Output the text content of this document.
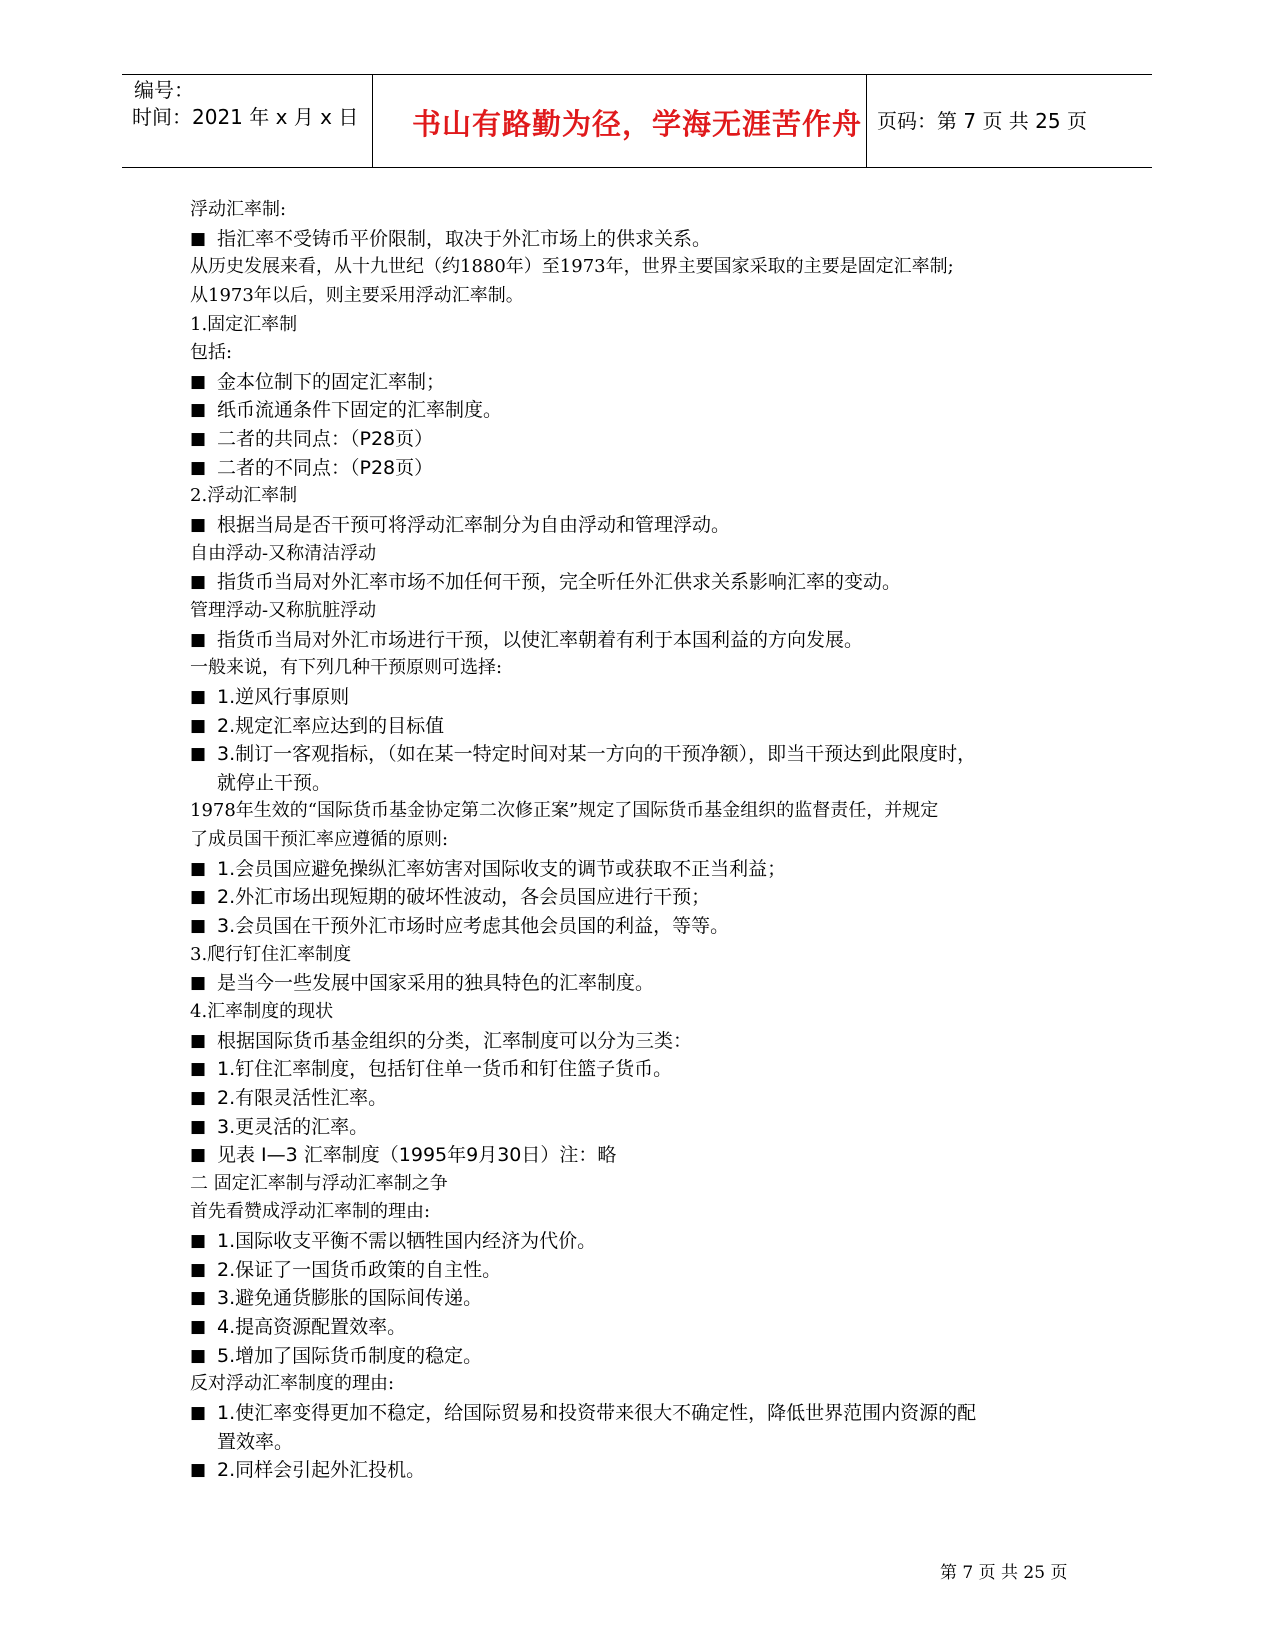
编号：
时间：2021 年 x 月 x 日 书山有路勤为径，学海无涯苦作舟 页码：第 7 页 共 25 页
浮动汇率制:
■ 指汇率不受铸币平价限制，取决于外汇市场上的供求关系。
从历史发展来看，从十九世纪（约1880年）至1973年，世界主要国家采取的主要是固定汇率制;
从1973年以后，则主要采用浮动汇率制。
1.固定汇率制
包括:
■ 金本位制下的固定汇率制；
■ 纸币流通条件下固定的汇率制度。
■ 二者的共同点：（P28页）
■ 二者的不同点：（P28页）
2.浮动汇率制
■ 根据当局是否干预可将浮动汇率制分为自由浮动和管理浮动。
自由浮动-又称清洁浮动
■ 指货币当局对外汇率市场不加任何干预，完全听任外汇供求关系影响汇率的变动。
管理浮动-又称肮脏浮动
■ 指货币当局对外汇市场进行干预，以使汇率朝着有利于本国利益的方向发展。
一般来说，有下列几种干预原则可选择:
■ 1.逆风行事原则
■ 2.规定汇率应达到的目标值
■ 3.制订一客观指标，（如在某一特定时间对某一方向的干预净额），即当干预达到此限度时，
就停止干预。
1978年生效的“国际货币基金协定第二次修正案”规定了国际货币基金组织的监督责任，并规定
了成员国干预汇率应遵循的原则:
■ 1.会员国应避免操纵汇率妨害对国际收支的调节或获取不正当利益；
■ 2.外汇市场出现短期的破坏性波动，各会员国应进行干预；
■ 3.会员国在干预外汇市场时应考虑其他会员国的利益，等等。
3.爬行钉住汇率制度
■ 是当今一些发展中国家采用的独具特色的汇率制度。
4.汇率制度的现状
■ 根据国际货币基金组织的分类，汇率制度可以分为三类：
■ 1.钉住汇率制度，包括钉住单一货币和钉住篮子货币。
■ 2.有限灵活性汇率。
■ 3.更灵活的汇率。
■ 见表 I—3 汇率制度（1995年9月30日）注：略
二 固定汇率制与浮动汇率制之争
首先看赞成浮动汇率制的理由:
■ 1.国际收支平衡不需以牺牲国内经济为代价。
■ 2.保证了一国货币政策的自主性。
■ 3.避免通货膨胀的国际间传递。
■ 4.提高资源配置效率。
■ 5.增加了国际货币制度的稳定。
反对浮动汇率制度的理由:
■ 1.使汇率变得更加不稳定，给国际贸易和投资带来很大不确定性，降低世界范围内资源的配
置效率。
■ 2.同样会引起外汇投机。
第 7 页 共 25 页
